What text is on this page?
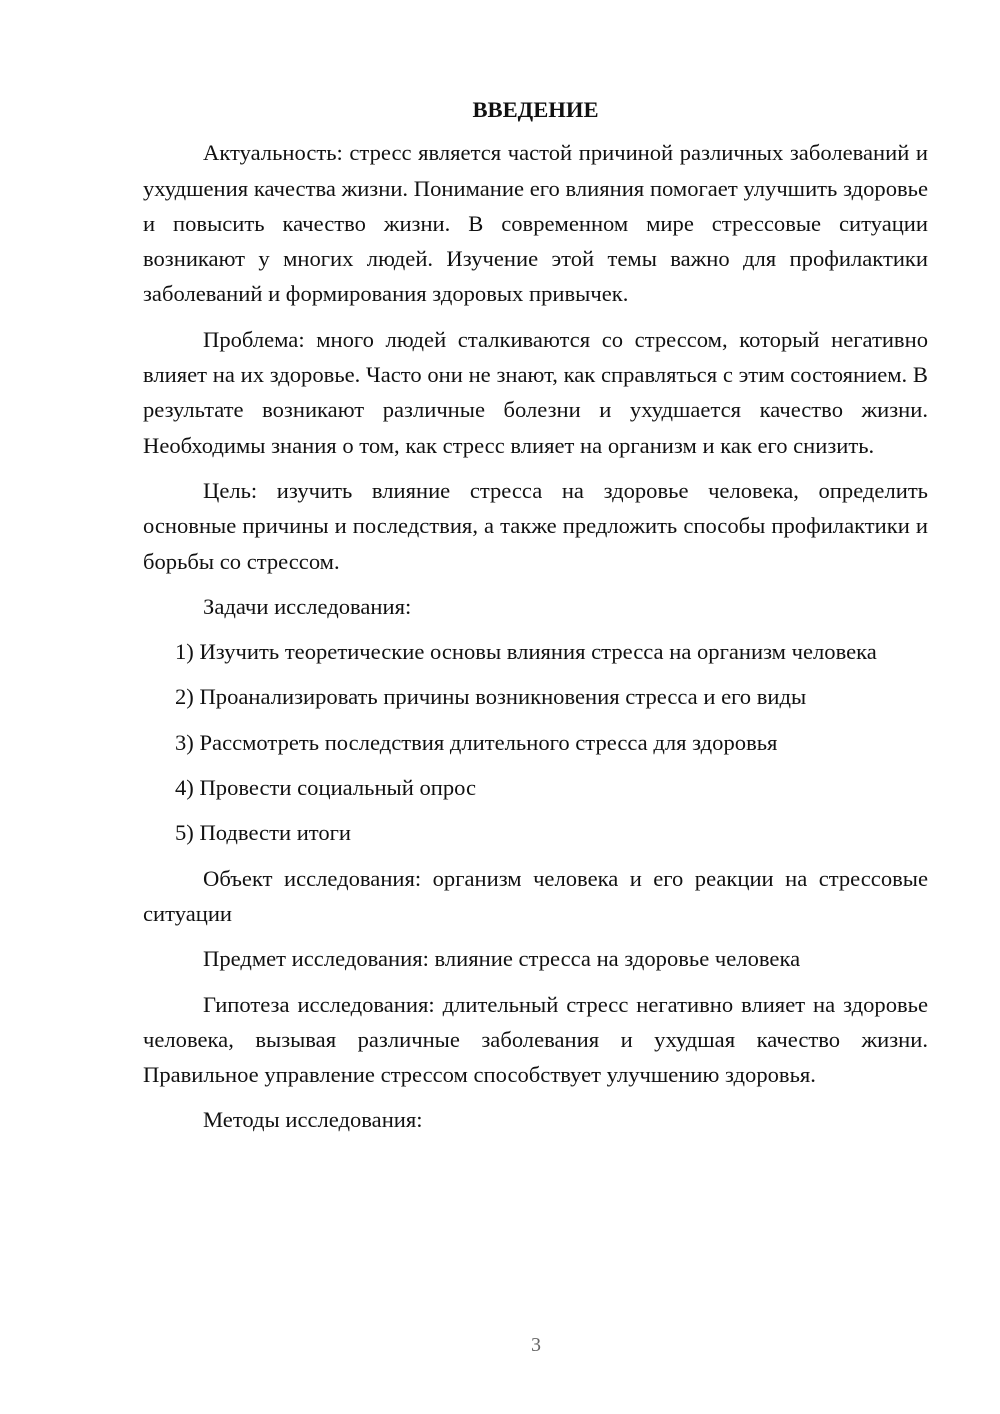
ВВЕДЕНИЕ

Актуальность: стресс является частой причиной различных заболеваний и ухудшения качества жизни. Понимание его влияния помогает улучшить здоровье и повысить качество жизни. В современном мире стрессовые ситуации возникают у многих людей. Изучение этой темы важно для профилактики заболеваний и формирования здоровых привычек.

Проблема: много людей сталкиваются со стрессом, который негативно влияет на их здоровье. Часто они не знают, как справляться с этим состоянием. В результате возникают различные болезни и ухудшается качество жизни. Необходимы знания о том, как стресс влияет на организм и как его снизить.

Цель: изучить влияние стресса на здоровье человека, определить основные причины и последствия, а также предложить способы профилактики и борьбы со стрессом.

Задачи исследования:

1) Изучить теоретические основы влияния стресса на организм человека

2) Проанализировать причины возникновения стресса и его виды

3) Рассмотреть последствия длительного стресса для здоровья

4) Провести социальный опрос

5) Подвести итоги

Объект исследования: организм человека и его реакции на стрессовые ситуации

Предмет исследования: влияние стресса на здоровье человека

Гипотеза исследования: длительный стресс негативно влияет на здоровье человека, вызывая различные заболевания и ухудшая качество жизни. Правильное управление стрессом способствует улучшению здоровья.

Методы исследования:

3
